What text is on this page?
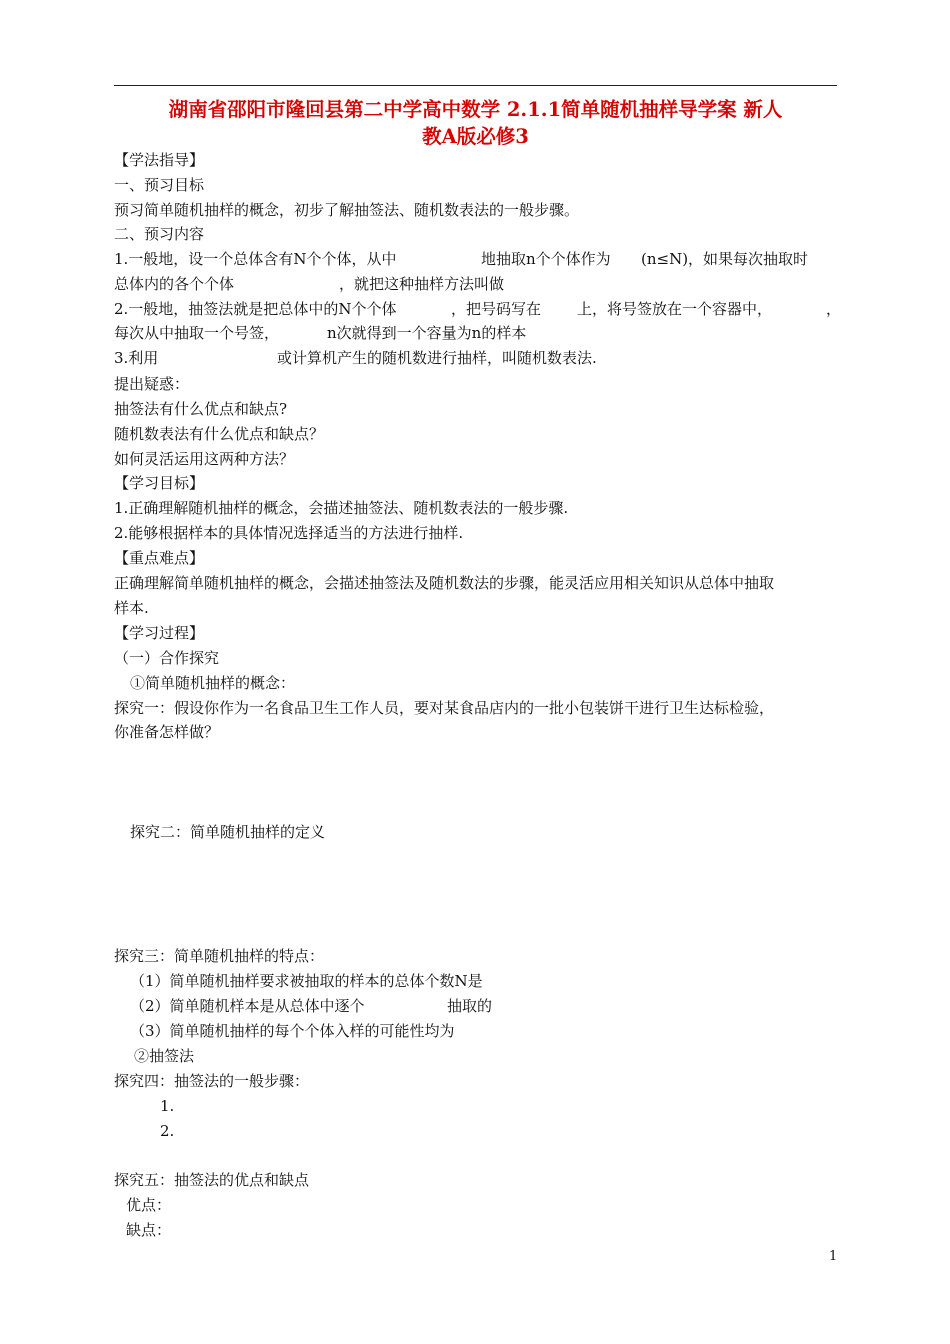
湖南省邵阳市隆回县第二中学高中数学 2.1.1简单随机抽样导学案 新人
教A版必修3
【学法指导】
一、预习目标
预习简单随机抽样的概念，初步了解抽签法、随机数表法的一般步骤。
二、预习内容
1.一般地，设一个总体含有N个个体，从中	地抽取n个个体作为 (n≤N)，如果每次抽取时
总体内的各个个体	，就把这种抽样方法叫做
2.一般地，抽签法就是把总体中的N个个体	，把号码写在 上，将号签放在一个容器中，	，
每次从中抽取一个号签，	n次就得到一个容量为n的样本
3.利用	或计算机产生的随机数进行抽样，叫随机数表法.
提出疑惑：
抽签法有什么优点和缺点?
随机数表法有什么优点和缺点？
如何灵活运用这两种方法？
【学习目标】
1.正确理解随机抽样的概念，会描述抽签法、随机数表法的一般步骤.
2.能够根据样本的具体情况选择适当的方法进行抽样.
【重点难点】
正确理解简单随机抽样的概念，会描述抽签法及随机数法的步骤，能灵活应用相关知识从总体中抽取
样本.
【学习过程】
（一）合作探究
①简单随机抽样的概念：
探究一：假设你作为一名食品卫生工作人员，要对某食品店内的一批小包装饼干进行卫生达标检验，
你准备怎样做？
探究二：简单随机抽样的定义
探究三：简单随机抽样的特点：
（1）简单随机抽样要求被抽取的样本的总体个数N是
（2）简单随机样本是从总体中逐个	抽取的
（3）简单随机抽样的每个个体入样的可能性均为
②抽签法
探究四：抽签法的一般步骤：
1.
2.
探究五：抽签法的优点和缺点
优点：
缺点：
1
